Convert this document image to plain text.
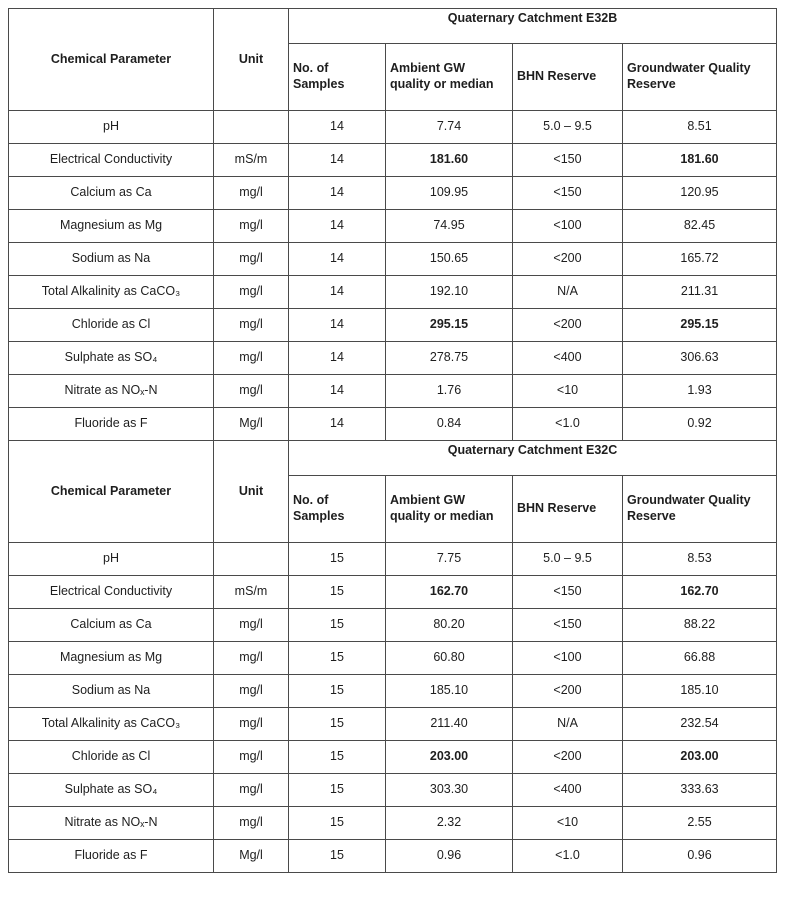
Chemical Parameter	Unit	Quaternary Catchment E32B			
		No. of Samples	Ambient GW quality or median	BHN Reserve	Groundwater Quality Reserve
pH		14	7.74	5.0 – 9.5	8.51
Electrical Conductivity	mS/m	14	181.60	<150	181.60
Calcium as Ca	mg/l	14	109.95	<150	120.95
Magnesium as Mg	mg/l	14	74.95	<100	82.45
Sodium as Na	mg/l	14	150.65	<200	165.72
Total Alkalinity as CaCO₃	mg/l	14	192.10	N/A	211.31
Chloride as Cl	mg/l	14	295.15	<200	295.15
Sulphate as SO₄	mg/l	14	278.75	<400	306.63
Nitrate as NOₓ-N	mg/l	14	1.76	<10	1.93
Fluoride as F	Mg/l	14	0.84	<1.0	0.92
Chemical Parameter	Unit	Quaternary Catchment E32C			
		No. of Samples	Ambient GW quality or median	BHN Reserve	Groundwater Quality Reserve
pH		15	7.75	5.0 – 9.5	8.53
Electrical Conductivity	mS/m	15	162.70	<150	162.70
Calcium as Ca	mg/l	15	80.20	<150	88.22
Magnesium as Mg	mg/l	15	60.80	<100	66.88
Sodium as Na	mg/l	15	185.10	<200	185.10
Total Alkalinity as CaCO₃	mg/l	15	211.40	N/A	232.54
Chloride as Cl	mg/l	15	203.00	<200	203.00
Sulphate as SO₄	mg/l	15	303.30	<400	333.63
Nitrate as NOₓ-N	mg/l	15	2.32	<10	2.55
Fluoride as F	Mg/l	15	0.96	<1.0	0.96
